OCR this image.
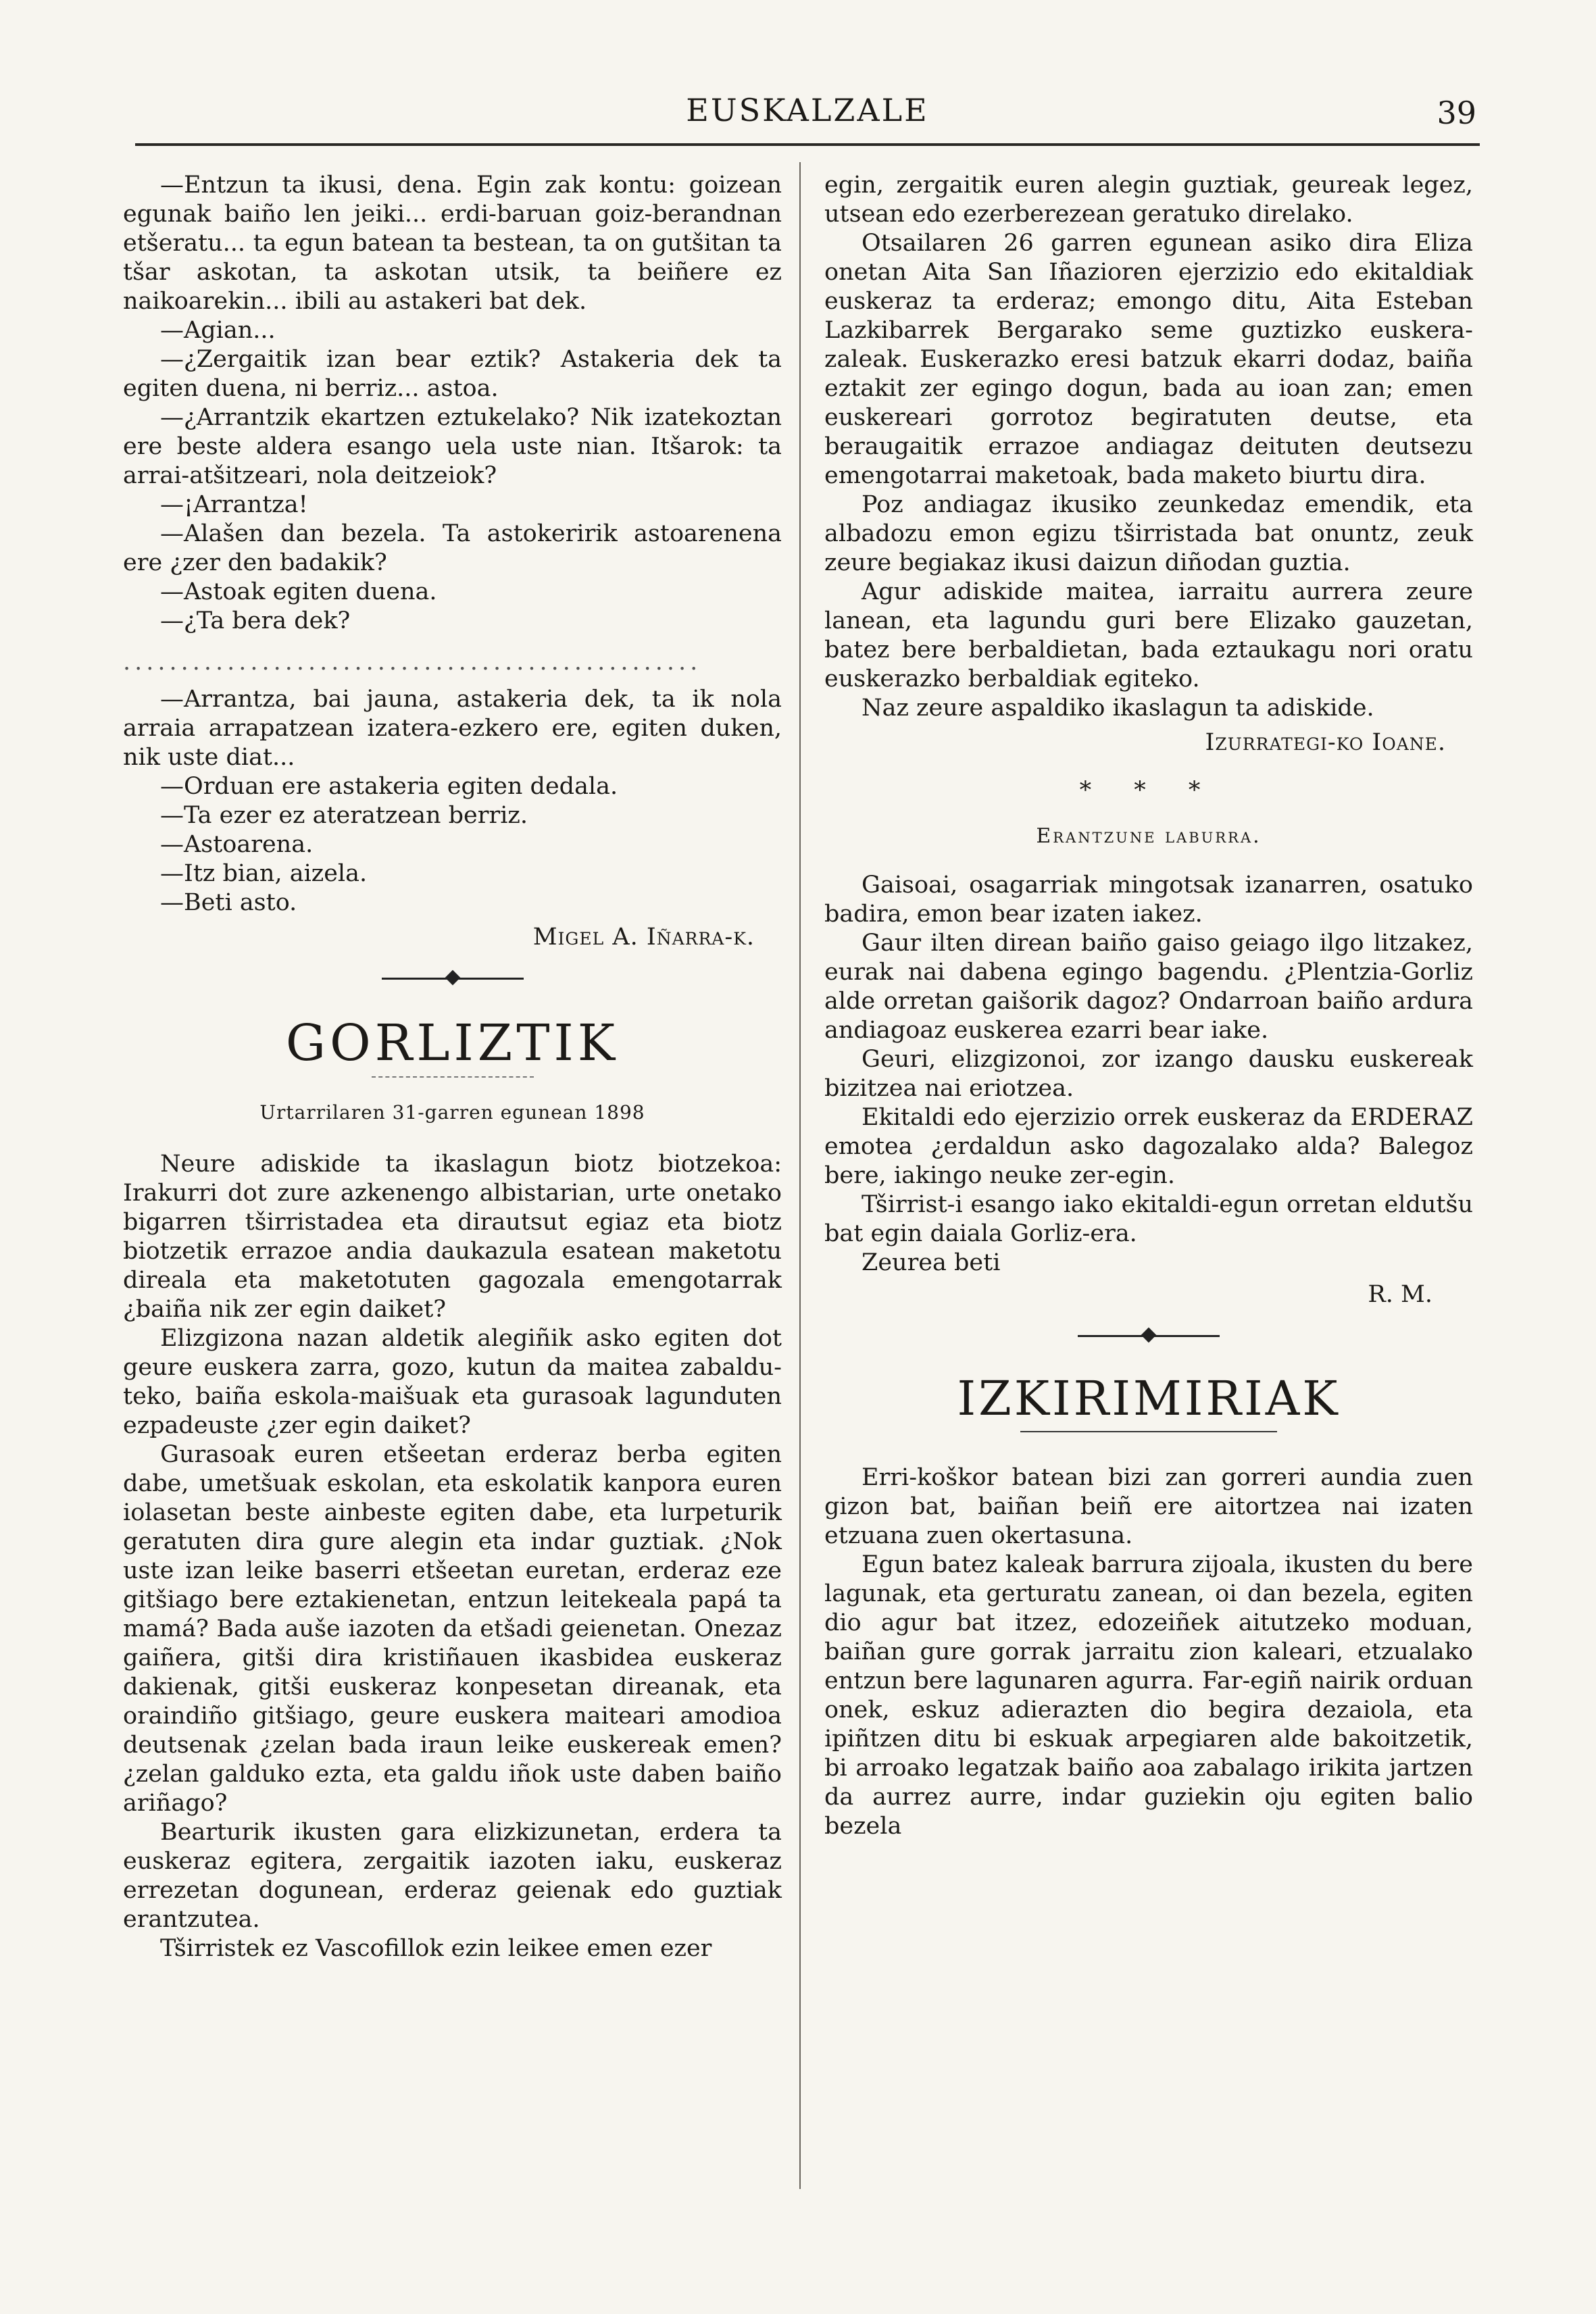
EUSKALZALE	39

—Entzun ta ikusi, dena. Egin zak kontu: goizean egunak baiño len jeiki... erdi-baruan goiz-berandnan etšeratu... ta egun batean ta bestean, ta on gutšitan ta tšar askotan, ta askotan utsik, ta beiñere ez naikoarekin... ibili au astakeri bat dek.

—Agian...

—¿Zergaitik izan bear eztik? Astakeria dek ta egiten duena, ni berriz... astoa.

—¿Arrantzik ekartzen eztukelako? Nik izatekoztan ere beste aldera esango uela uste nian. Itšarok: ta arrai-atšitzeari, nola deitzeiok?

—¡Arrantza!

—Alašen dan bezela. Ta astokeririk astoarenena ere ¿zer den badakik?

—Astoak egiten duena.

—¿Ta bera dek?

..................................................

—Arrantza, bai jauna, astakeria dek, ta ik nola arraia arrapatzean izatera-ezkero ere, egiten duken, nik uste diat...

—Orduan ere astakeria egiten dedala.

—Ta ezer ez ateratzean berriz.

—Astoarena.

—Itz bian, aizela.

—Beti asto.

Migel A. Iñarra-k.

GORLIZTIK

Urtarrilaren 31-garren egunean 1898

Neure adiskide ta ikaslagun biotz biotzekoa: Irakurri dot zure azkenengo albistarian, urte onetako bigarren tširristadea eta dirautsut egiaz eta biotz biotzetik errazoe andia daukazula esatean maketotu direala eta maketotuten gagozala emengotarrak ¿baiña nik zer egin daiket?

Elizgizona nazan aldetik alegiñik asko egiten dot geure euskera zarra, gozo, kutun da maitea zabaldu-teko, baiña eskola-maišuak eta gurasoak lagunduten ezpadeuste ¿zer egin daiket?

Gurasoak euren etšeetan erderaz berba egiten dabe, umetšuak eskolan, eta eskolatik kanpora euren iolasetan beste ainbeste egiten dabe, eta lurpeturik geratuten dira gure alegin eta indar guztiak. ¿Nok uste izan leike baserri etšeetan euretan, erderaz eze gitšiago bere eztakienetan, entzun leitekeala papá ta mamá? Bada auše iazoten da etšadi geienetan. Onezaz gaiñera, gitši dira kristiñauen ikasbidea euskeraz dakienak, gitši euskeraz konpesetan direanak, eta oraindiño gitšiago, geure euskera maiteari amodioa deutsenak ¿zelan bada iraun leike euskereak emen? ¿zelan galduko ezta, eta galdu iñok uste daben baiño ariñago?

Bearturik ikusten gara elizkizunetan, erdera ta euskeraz egitera, zergaitik iazoten iaku, euskeraz errezetan dogunean, erderaz geienak edo guztiak erantzutea.

Tširristek ez Vascofillok ezin leikee emen ezer

egin, zergaitik euren alegin guztiak, geureak legez, utsean edo ezerberezean geratuko direlako.

Otsailaren 26 garren egunean asiko dira Eliza onetan Aita San Iñazioren ejerzizio edo ekitaldiak euskeraz ta erderaz; emongo ditu, Aita Esteban Lazkibarrek Bergarako seme guztizko euskera-zaleak. Euskerazko eresi batzuk ekarri dodaz, baiña eztakit zer egingo dogun, bada au ioan zan; emen euskereari gorrotoz begiratuten deutse, eta beraugaitik errazoe andiagaz deituten deutsezu emengotarrai maketoak, bada maketo biurtu dira.

Poz andiagaz ikusiko zeunkedaz emendik, eta albadozu emon egizu tširristada bat onuntz, zeuk zeure begiakaz ikusi daizun diñodan guztia.

Agur adiskide maitea, iarraitu aurrera zeure lanean, eta lagundu guri bere Elizako gauzetan, batez bere berbaldietan, bada eztaukagu nori oratu euskerazko berbaldiak egiteko.

Naz zeure aspaldiko ikaslagun ta adiskide.

Izurrategi-ko Ioane.

* * *

Erantzune laburra.

Gaisoai, osagarriak mingotsak izanarren, osatuko badira, emon bear izaten iakez.

Gaur ilten direan baiño gaiso geiago ilgo litzakez, eurak nai dabena egingo bagendu. ¿Plentzia-Gorliz alde orretan gaišorik dagoz? Ondarroan baiño ardura andiagoaz euskerea ezarri bear iake.

Geuri, elizgizonoi, zor izango dausku euskereak bizitzea nai eriotzea.

Ekitaldi edo ejerzizio orrek euskeraz da ERDERAZ emotea ¿erdaldun asko dagozalako alda? Balegoz bere, iakingo neuke zer-egin.

Tširrist-i esango iako ekitaldi-egun orretan eldutšu bat egin daiala Gorliz-era.

Zeurea beti

R. M.

IZKIRIMIRIAK

Erri-koškor batean bizi zan gorreri aundia zuen gizon bat, baiñan beiñ ere aitortzea nai izaten etzuana zuen okertasuna.

Egun batez kaleak barrura zijoala, ikusten du bere lagunak, eta gerturatu zanean, oi dan bezela, egiten dio agur bat itzez, edozeiñek aitutzeko moduan, baiñan gure gorrak jarraitu zion kaleari, etzualako entzun bere lagunaren agurra. Far-egiñ nairik orduan onek, eskuz adierazten dio begira dezaiola, eta ipiñtzen ditu bi eskuak arpegiaren alde bakoitzetik, bi arroako legatzak baiño aoa zabalago irikita jartzen da aurrez aurre, indar guziekin oju egiten balio bezela
